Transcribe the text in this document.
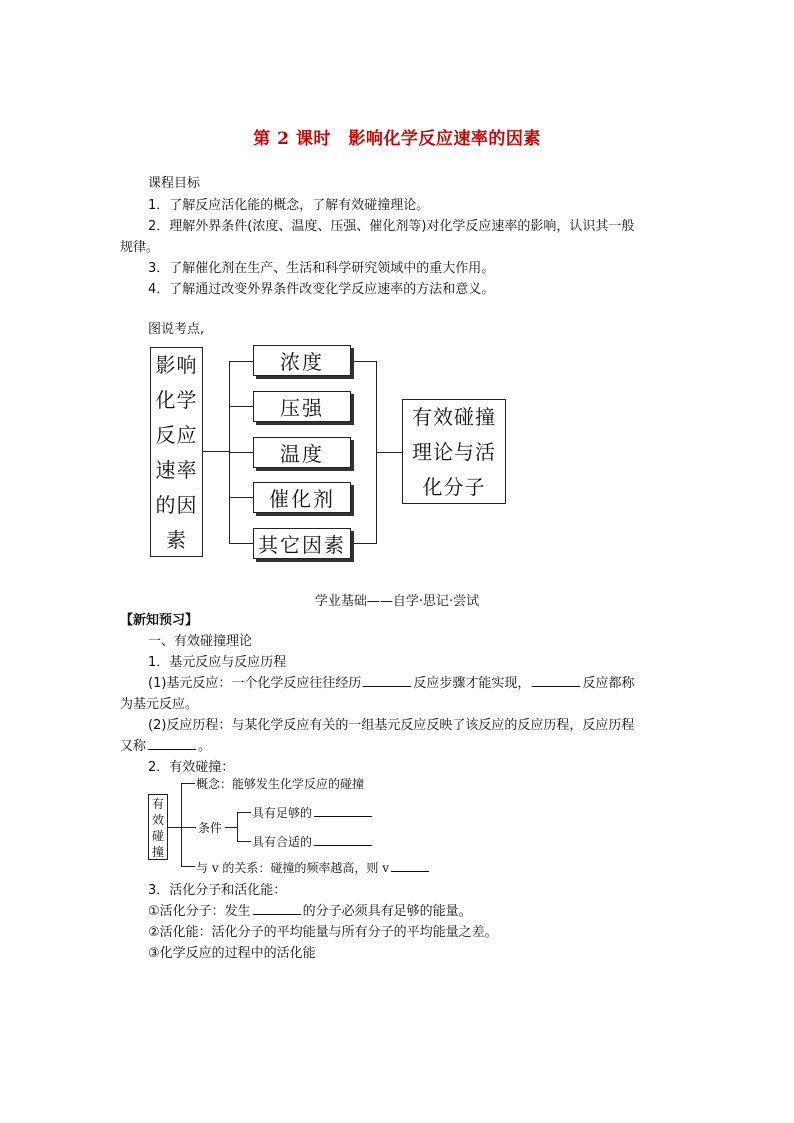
第 2 课时　影响化学反应速率的因素
课程目标
1．了解反应活化能的概念，了解有效碰撞理论。
2．理解外界条件(浓度、温度、压强、催化剂等)对化学反应速率的影响，认识其一般
规律。
3．了解催化剂在生产、生活和科学研究领域中的重大作用。
4．了解通过改变外界条件改变化学反应速率的方法和意义。
图说考点,
影响化学反应速率的因素
浓度
压强
温度
催化剂
其它因素
有效碰撞理论与活化分子
学业基础——自学·思记·尝试
【新知预习】
一、有效碰撞理论
1．基元反应与反应历程
(1)基元反应：一个化学反应往往经历	反应步骤才能实现，	反应都称
为基元反应。
(2)反应历程：与某化学反应有关的一组基元反应反映了该反应的反应历程，反应历程
又称	。
2．有效碰撞：
有效碰撞
概念：能够发生化学反应的碰撞
条件
具有足够的
具有合适的
与 v 的关系：碰撞的频率越高，则 v
3．活化分子和活化能：
①活化分子：发生	的分子必须具有足够的能量。
②活化能：活化分子的平均能量与所有分子的平均能量之差。
③化学反应的过程中的活化能
